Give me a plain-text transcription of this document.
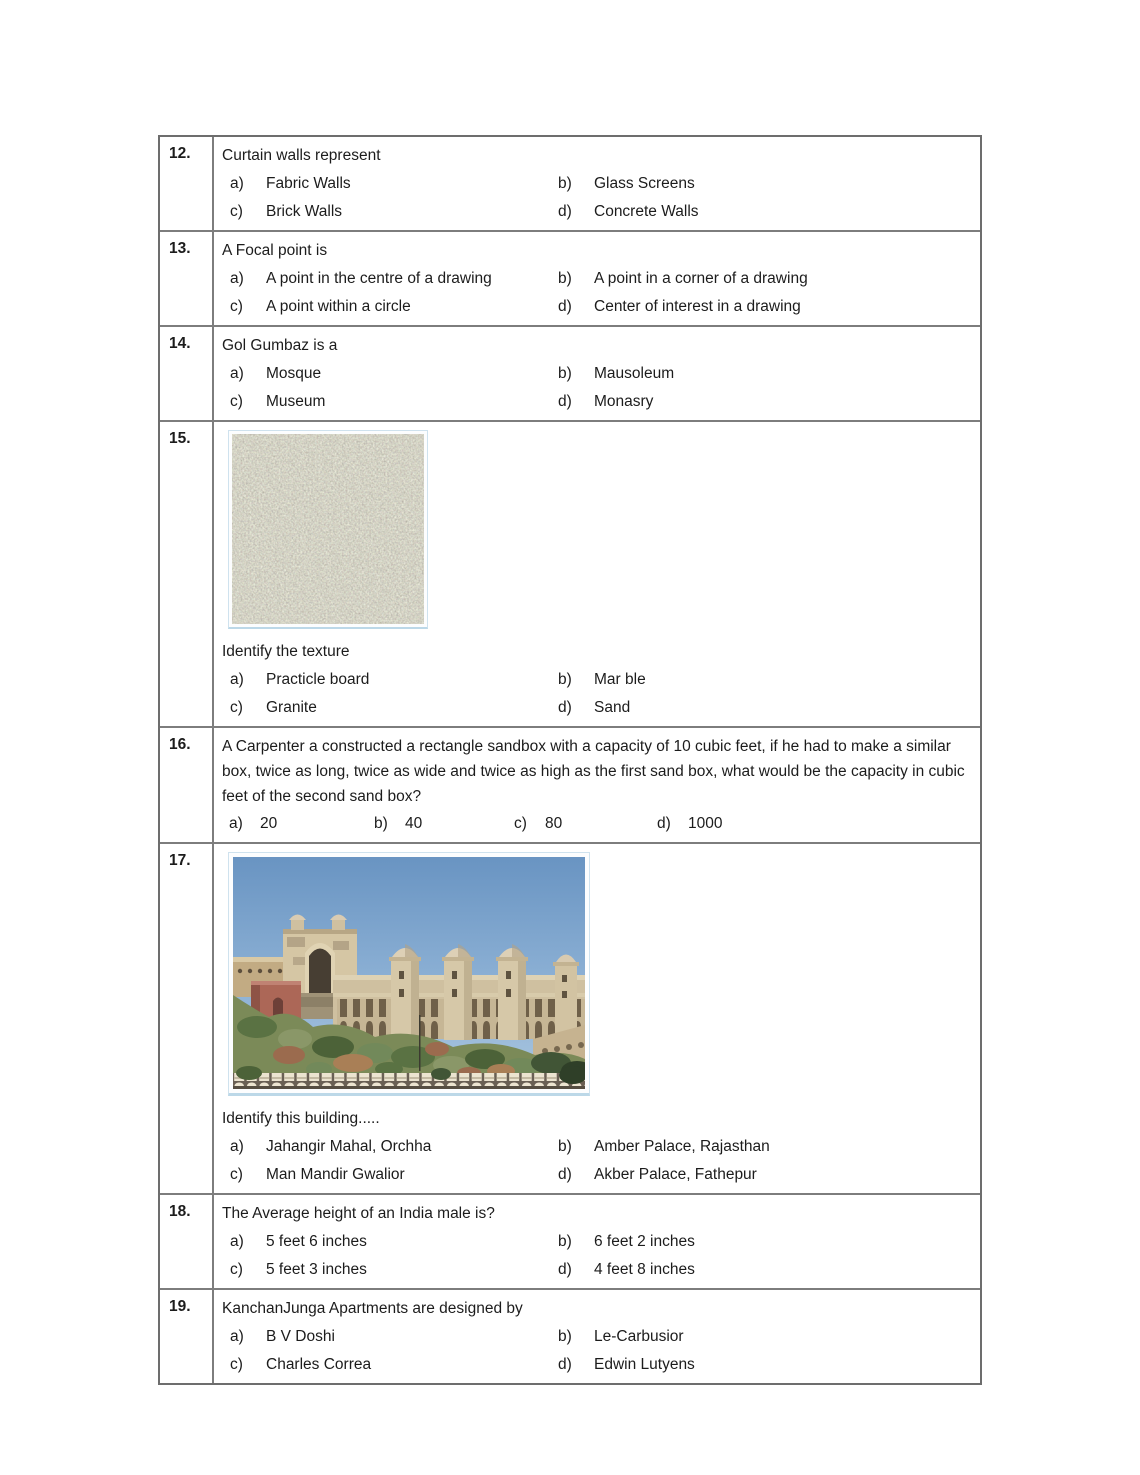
12.	Curtain walls represent
a)	Fabric Walls	b)	Glass Screens
c)	Brick Walls	d)	Concrete Walls
13.	A Focal point is
a)	A point in the centre of a drawing	b)	A point in a corner of a drawing
c)	A point within a circle	d)	Center of interest in a drawing
14.	Gol Gumbaz is a
a)	Mosque	b)	Mausoleum
c)	Museum	d)	Monasry
15.
Identify the texture
a)	Practicle board	b)	Mar ble
c)	Granite	d)	Sand
16.	A Carpenter a constructed a rectangle sandbox with a capacity of 10 cubic feet, if he had to make a similar box, twice as long, twice as wide and twice as high as the first sand box, what would be the capacity in cubic feet of the second sand box?
a)	20	b)	40	c)	80	d)	1000
17.
Identify this building.....
a)	Jahangir Mahal, Orchha	b)	Amber Palace, Rajasthan
c)	Man Mandir Gwalior	d)	Akber Palace, Fathepur
18.	The Average height of an India male is?
a)	5 feet 6 inches	b)	6 feet 2 inches
c)	5 feet 3 inches	d)	4 feet 8 inches
19.	KanchanJunga Apartments are designed by
a)	B V Doshi	b)	Le-Carbusior
c)	Charles Correa	d)	Edwin Lutyens
